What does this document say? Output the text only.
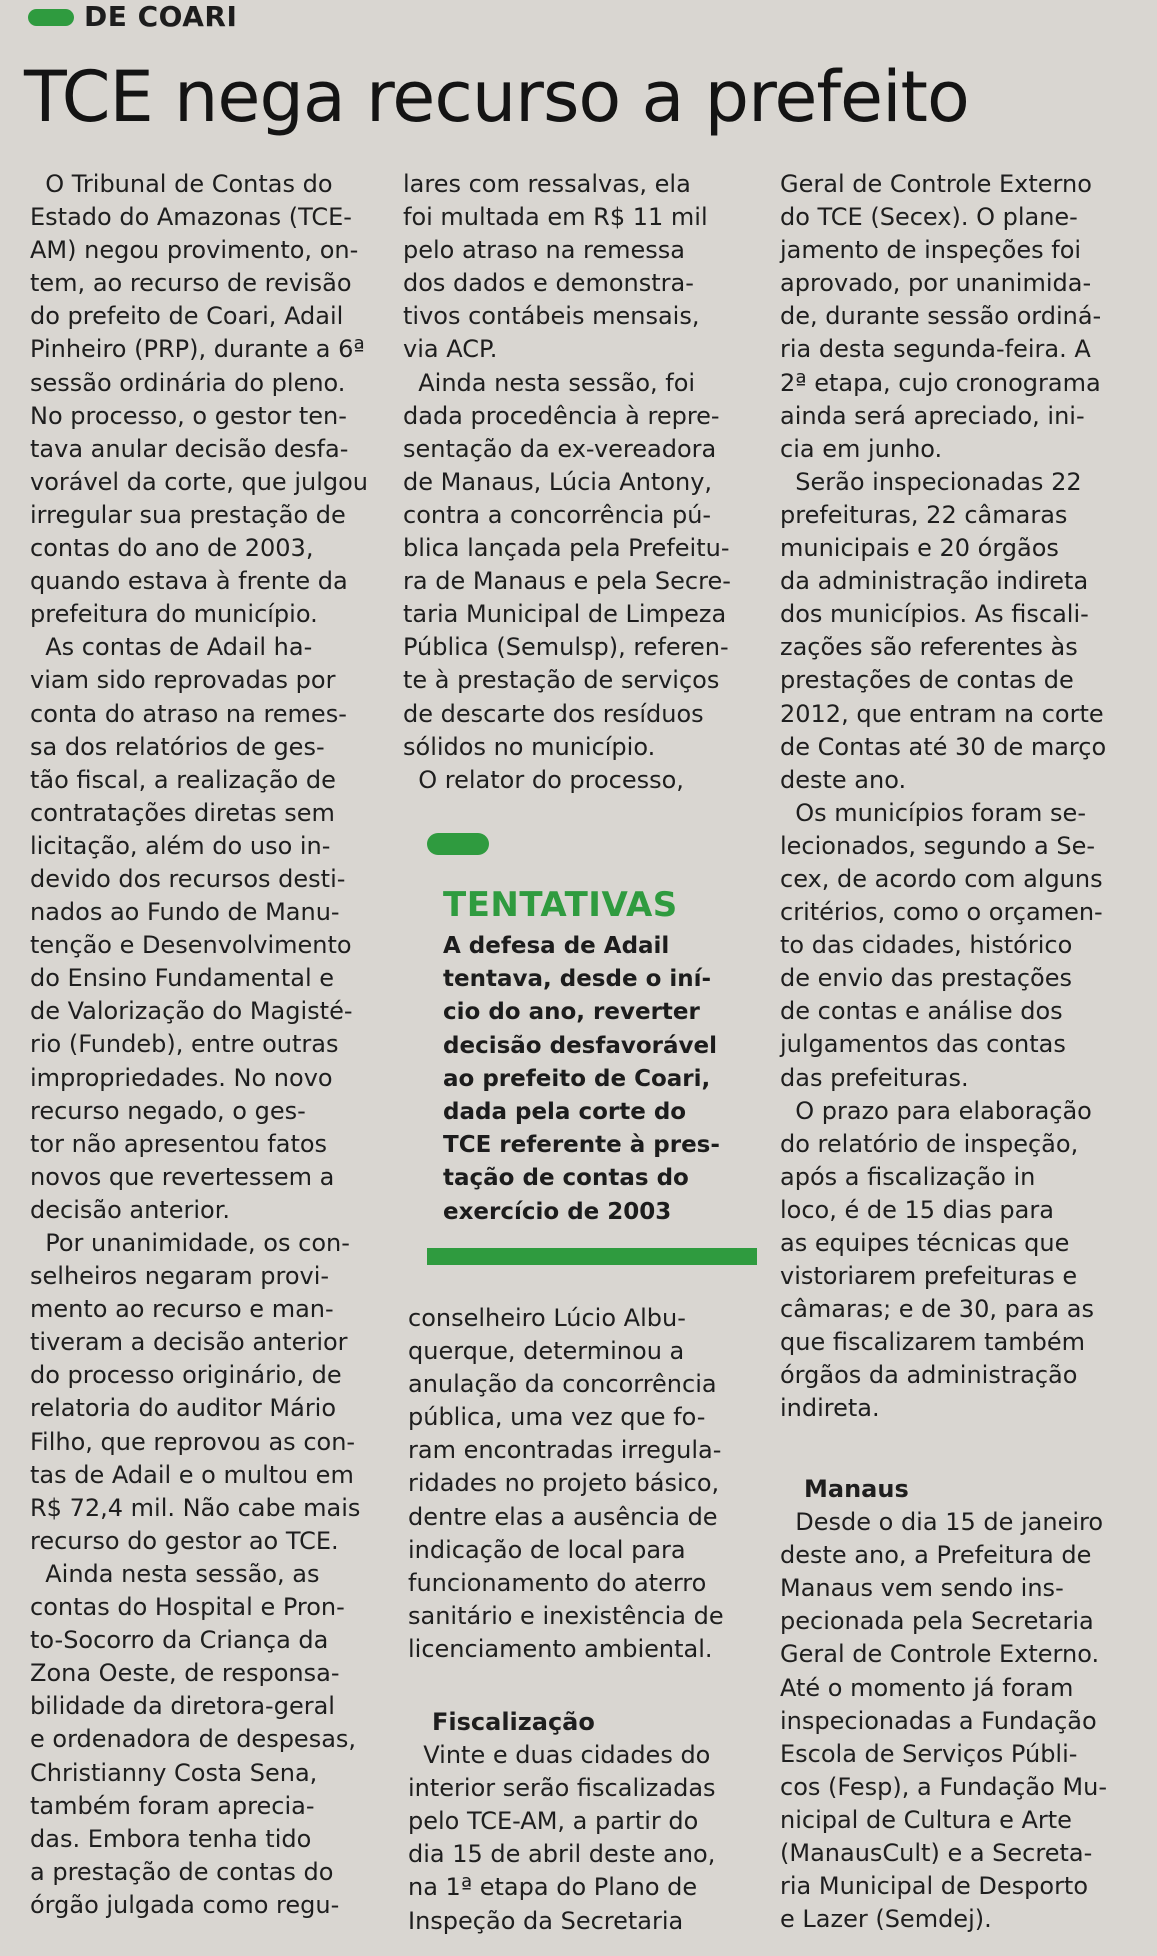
DE COARI
TCE nega recurso a prefeito

O Tribunal de Contas do

Estado do Amazonas (TCE-

AM) negou provimento, on-

tem, ao recurso de revisão

do prefeito de Coari, Adail

Pinheiro (PRP), durante a 6ª

sessão ordinária do pleno.

No processo, o gestor ten-

tava anular decisão desfa-

vorável da corte, que julgou

irregular sua prestação de

contas do ano de 2003,

quando estava à frente da

prefeitura do município.

As contas de Adail ha-

viam sido reprovadas por

conta do atraso na remes-

sa dos relatórios de ges-

tão fiscal, a realização de

contratações diretas sem

licitação, além do uso in-

devido dos recursos desti-

nados ao Fundo de Manu-

tenção e Desenvolvimento

do Ensino Fundamental e

de Valorização do Magisté-

rio (Fundeb), entre outras

impropriedades. No novo

recurso negado, o ges-

tor não apresentou fatos

novos que revertessem a

decisão anterior.

Por unanimidade, os con-

selheiros negaram provi-

mento ao recurso e man-

tiveram a decisão anterior

do processo originário, de

relatoria do auditor Mário

Filho, que reprovou as con-

tas de Adail e o multou em

R$ 72,4 mil. Não cabe mais

recurso do gestor ao TCE.

Ainda nesta sessão, as

contas do Hospital e Pron-

to-Socorro da Criança da

Zona Oeste, de responsa-

bilidade da diretora-geral

e ordenadora de despesas,

Christianny Costa Sena,

também foram aprecia-

das. Embora tenha tido

a prestação de contas do

órgão julgada como regu-

lares com ressalvas, ela

foi multada em R$ 11 mil

pelo atraso na remessa

dos dados e demonstra-

tivos contábeis mensais,

via ACP.

Ainda nesta sessão, foi

dada procedência à repre-

sentação da ex-vereadora

de Manaus, Lúcia Antony,

contra a concorrência pú-

blica lançada pela Prefeitu-

ra de Manaus e pela Secre-

taria Municipal de Limpeza

Pública (Semulsp), referen-

te à prestação de serviços

de descarte dos resíduos

sólidos no município.

O relator do processo,

TENTATIVAS

A defesa de Adail

tentava, desde o iní-

cio do ano, reverter

decisão desfavorável

ao prefeito de Coari,

dada pela corte do

TCE referente à pres-

tação de contas do

exercício de 2003

conselheiro Lúcio Albu-

querque, determinou a

anulação da concorrência

pública, uma vez que fo-

ram encontradas irregula-

ridades no projeto básico,

dentre elas a ausência de

indicação de local para

funcionamento do aterro

sanitário e inexistência de

licenciamento ambiental.

Fiscalização

Vinte e duas cidades do

interior serão fiscalizadas

pelo TCE-AM, a partir do

dia 15 de abril deste ano,

na 1ª etapa do Plano de

Inspeção da Secretaria

Geral de Controle Externo

do TCE (Secex). O plane-

jamento de inspeções foi

aprovado, por unanimida-

de, durante sessão ordiná-

ria desta segunda-feira. A

2ª etapa, cujo cronograma

ainda será apreciado, ini-

cia em junho.

Serão inspecionadas 22

prefeituras, 22 câmaras

municipais e 20 órgãos

da administração indireta

dos municípios. As fiscali-

zações são referentes às

prestações de contas de

2012, que entram na corte

de Contas até 30 de março

deste ano.

Os municípios foram se-

lecionados, segundo a Se-

cex, de acordo com alguns

critérios, como o orçamen-

to das cidades, histórico

de envio das prestações

de contas e análise dos

julgamentos das contas

das prefeituras.

O prazo para elaboração

do relatório de inspeção,

após a fiscalização in

loco, é de 15 dias para

as equipes técnicas que

vistoriarem prefeituras e

câmaras; e de 30, para as

que fiscalizarem também

órgãos da administração

indireta.

Manaus

Desde o dia 15 de janeiro

deste ano, a Prefeitura de

Manaus vem sendo ins-

pecionada pela Secretaria

Geral de Controle Externo.

Até o momento já foram

inspecionadas a Fundação

Escola de Serviços Públi-

cos (Fesp), a Fundação Mu-

nicipal de Cultura e Arte

(ManausCult) e a Secreta-

ria Municipal de Desporto

e Lazer (Semdej).
